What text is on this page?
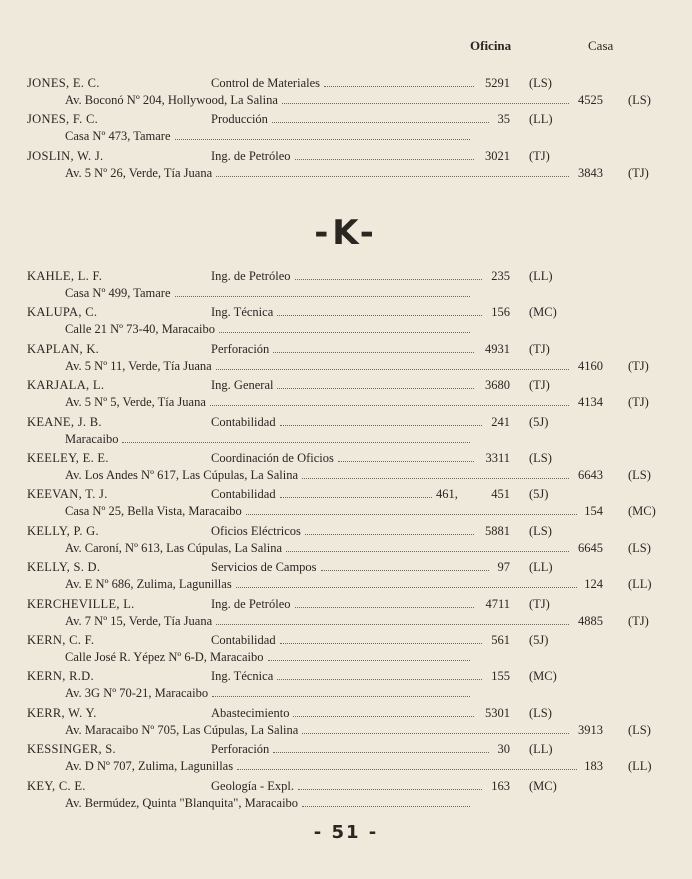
Oficina	Casa
JONES, E. C.	Control de Materiales	5291 (LS)
Av. Boconó Nº 204, Hollywood, La Salina	4525 (LS)
JONES, F. C.	Producción	35 (LL)
Casa Nº 473, Tamare
JOSLIN, W. J.	Ing. de Petróleo	3021 (TJ)
Av. 5 Nº 26, Verde, Tía Juana	3843 (TJ)
-K-
KAHLE, L. F.	Ing. de Petróleo	235 (LL)
Casa Nº 499, Tamare
KALUPA, C.	Ing. Técnica	156 (MC)
Calle 21 Nº 73-40, Maracaibo
KAPLAN, K.	Perforación	4931 (TJ)
Av. 5 Nº 11, Verde, Tía Juana	4160 (TJ)
KARJALA, L.	Ing. General	3680 (TJ)
Av. 5 Nº 5, Verde, Tía Juana	4134 (TJ)
KEANE, J. B.	Contabilidad	241 (5J)
Maracaibo
KEELEY, E. E.	Coordinación de Oficios	3311 (LS)
Av. Los Andes Nº 617, Las Cúpulas, La Salina	6643 (LS)
KEEVAN, T. J.	Contabilidad	461,	451 (5J)
Casa Nº 25, Bella Vista, Maracaibo	154 (MC)
KELLY, P. G.	Oficios Eléctricos	5881 (LS)
Av. Caroní, Nº 613, Las Cúpulas, La Salina	6645 (LS)
KELLY, S. D.	Servicios de Campos	97 (LL)
Av. E Nº 686, Zulima, Lagunillas	124 (LL)
KERCHEVILLE, L.	Ing. de Petróleo	4711 (TJ)
Av. 7 Nº 15, Verde, Tía Juana	4885 (TJ)
KERN, C. F.	Contabilidad	561 (5J)
Calle José R. Yépez Nº 6-D, Maracaibo
KERN, R.D.	Ing. Técnica	155 (MC)
Av. 3G Nº 70-21, Maracaibo
KERR, W. Y.	Abastecimiento	5301 (LS)
Av. Maracaibo Nº 705, Las Cúpulas, La Salina	3913 (LS)
KESSINGER, S.	Perforación	30 (LL)
Av. D Nº 707, Zulima, Lagunillas	183 (LL)
KEY, C. E.	Geología - Expl.	163 (MC)
Av. Bermúdez, Quinta "Blanquita", Maracaibo
- 51 -
